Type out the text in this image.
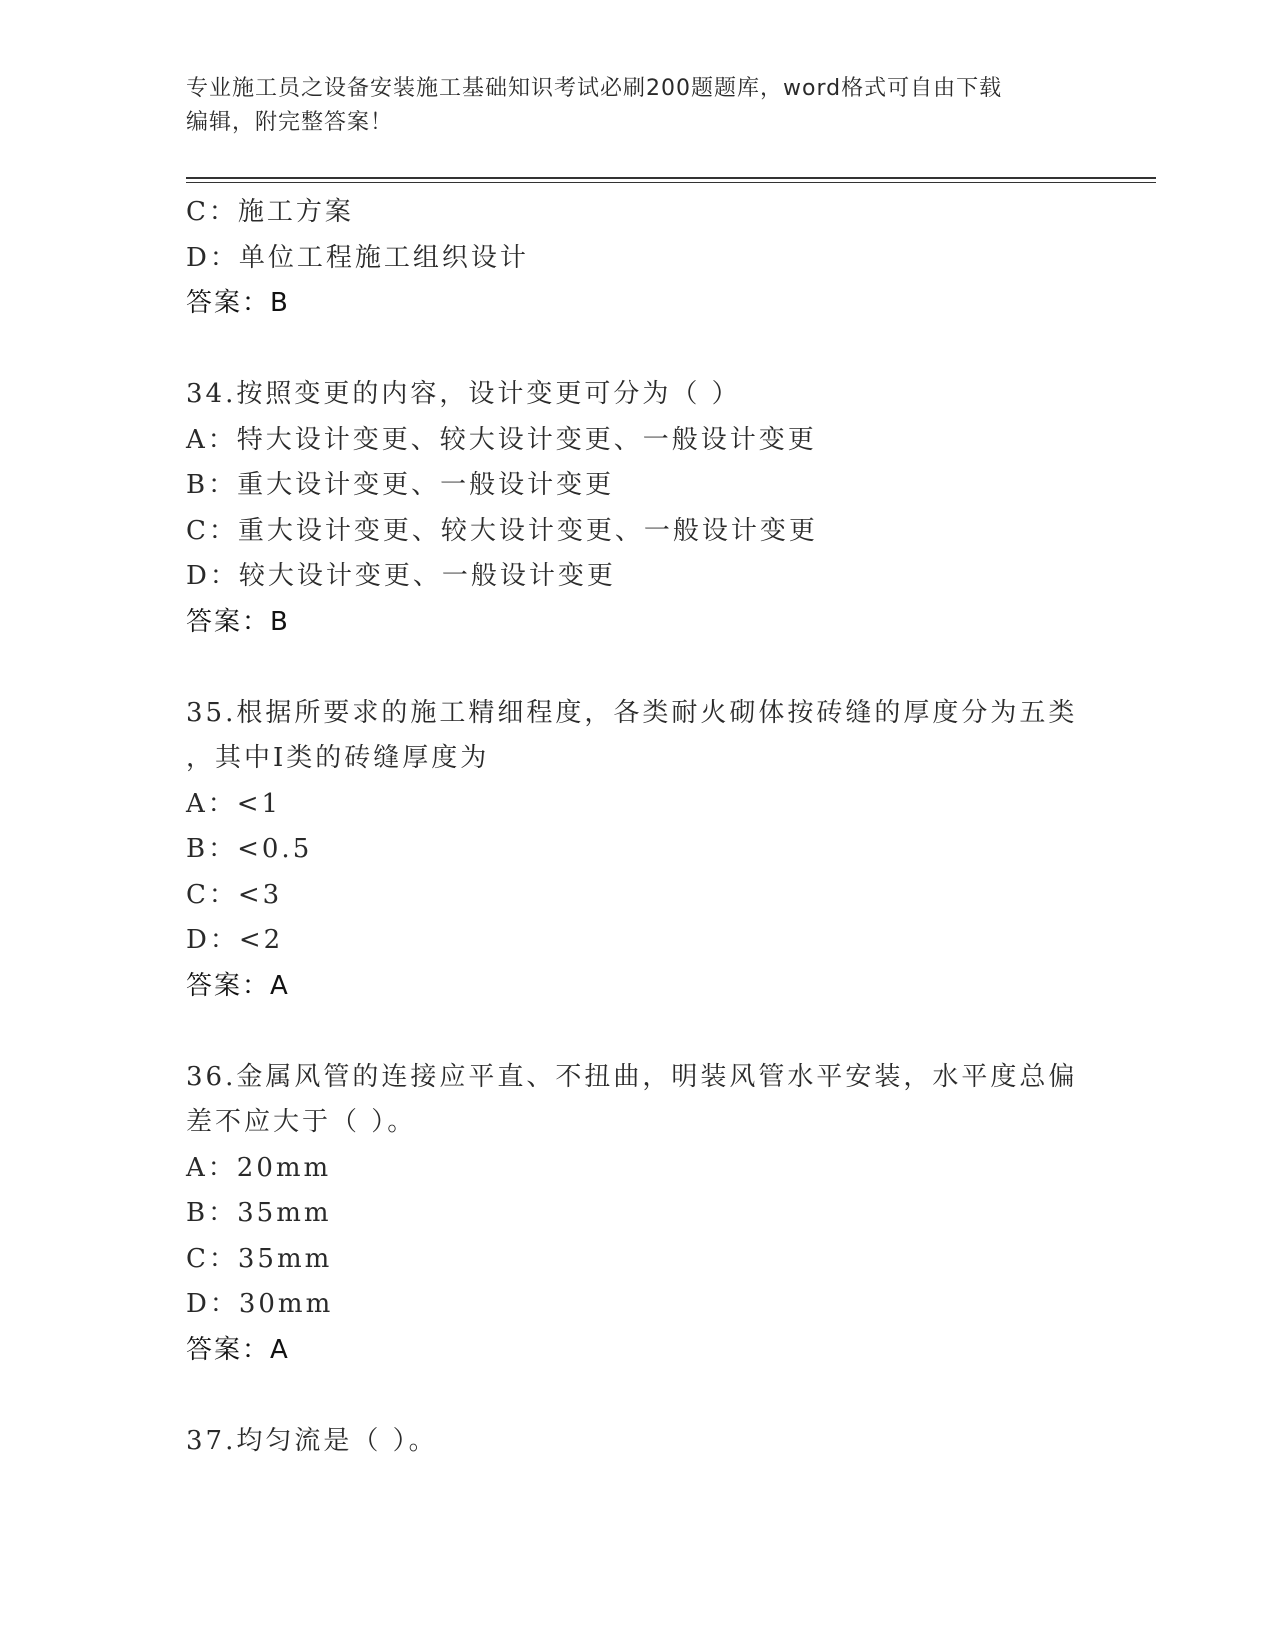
专业施工员之设备安装施工基础知识考试必刷200题题库，word格式可自由下载
编辑，附完整答案！
C：施工方案
D：单位工程施工组织设计
答案：B
34.按照变更的内容，设计变更可分为（ ）
A：特大设计变更、较大设计变更、一般设计变更
B：重大设计变更、一般设计变更
C：重大设计变更、较大设计变更、一般设计变更
D：较大设计变更、一般设计变更
答案：B
35.根据所要求的施工精细程度，各类耐火砌体按砖缝的厚度分为五类
，其中Ⅰ类的砖缝厚度为
A：<1
B：<0.5
C：<3
D：<2
答案：A
36.金属风管的连接应平直、不扭曲，明装风管水平安装，水平度总偏
差不应大于（ ）。
A：20mm
B：35mm
C：35mm
D：30mm
答案：A
37.均匀流是（ ）。
